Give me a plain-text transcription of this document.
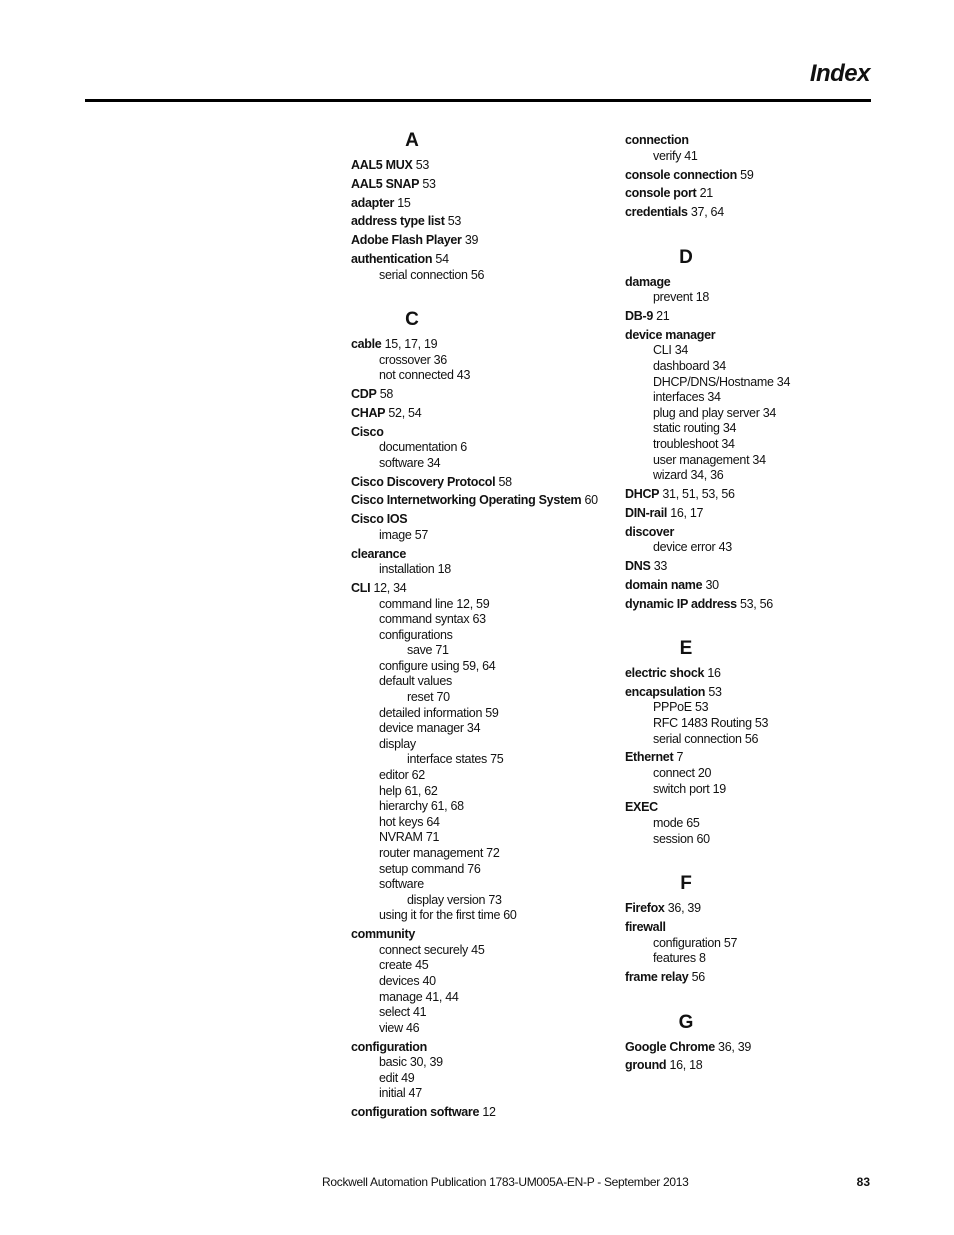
Index
A
AAL5 MUX 53
AAL5 SNAP 53
adapter 15
address type list 53
Adobe Flash Player 39
authentication 54
serial connection 56
C
cable 15, 17, 19
crossover 36
not connected 43
CDP 58
CHAP 52, 54
Cisco
documentation 6
software 34
Cisco Discovery Protocol 58
Cisco Internetworking Operating System 60
Cisco IOS
image 57
clearance
installation 18
CLI 12, 34
command line 12, 59
command syntax 63
configurations
save 71
configure using 59, 64
default values
reset 70
detailed information 59
device manager 34
display
interface states 75
editor 62
help 61, 62
hierarchy 61, 68
hot keys 64
NVRAM 71
router management 72
setup command 76
software
display version 73
using it for the first time 60
community
connect securely 45
create 45
devices 40
manage 41, 44
select 41
view 46
configuration
basic 30, 39
edit 49
initial 47
configuration software 12
connection
verify 41
console connection 59
console port 21
credentials 37, 64
D
damage
prevent 18
DB-9 21
device manager
CLI 34
dashboard 34
DHCP/DNS/Hostname 34
interfaces 34
plug and play server 34
static routing 34
troubleshoot 34
user management 34
wizard 34, 36
DHCP 31, 51, 53, 56
DIN-rail 16, 17
discover
device error 43
DNS 33
domain name 30
dynamic IP address 53, 56
E
electric shock 16
encapsulation 53
PPPoE 53
RFC 1483 Routing 53
serial connection 56
Ethernet 7
connect 20
switch port 19
EXEC
mode 65
session 60
F
Firefox 36, 39
firewall
configuration 57
features 8
frame relay 56
G
Google Chrome 36, 39
ground 16, 18
Rockwell Automation Publication 1783-UM005A-EN-P - September 2013	83
